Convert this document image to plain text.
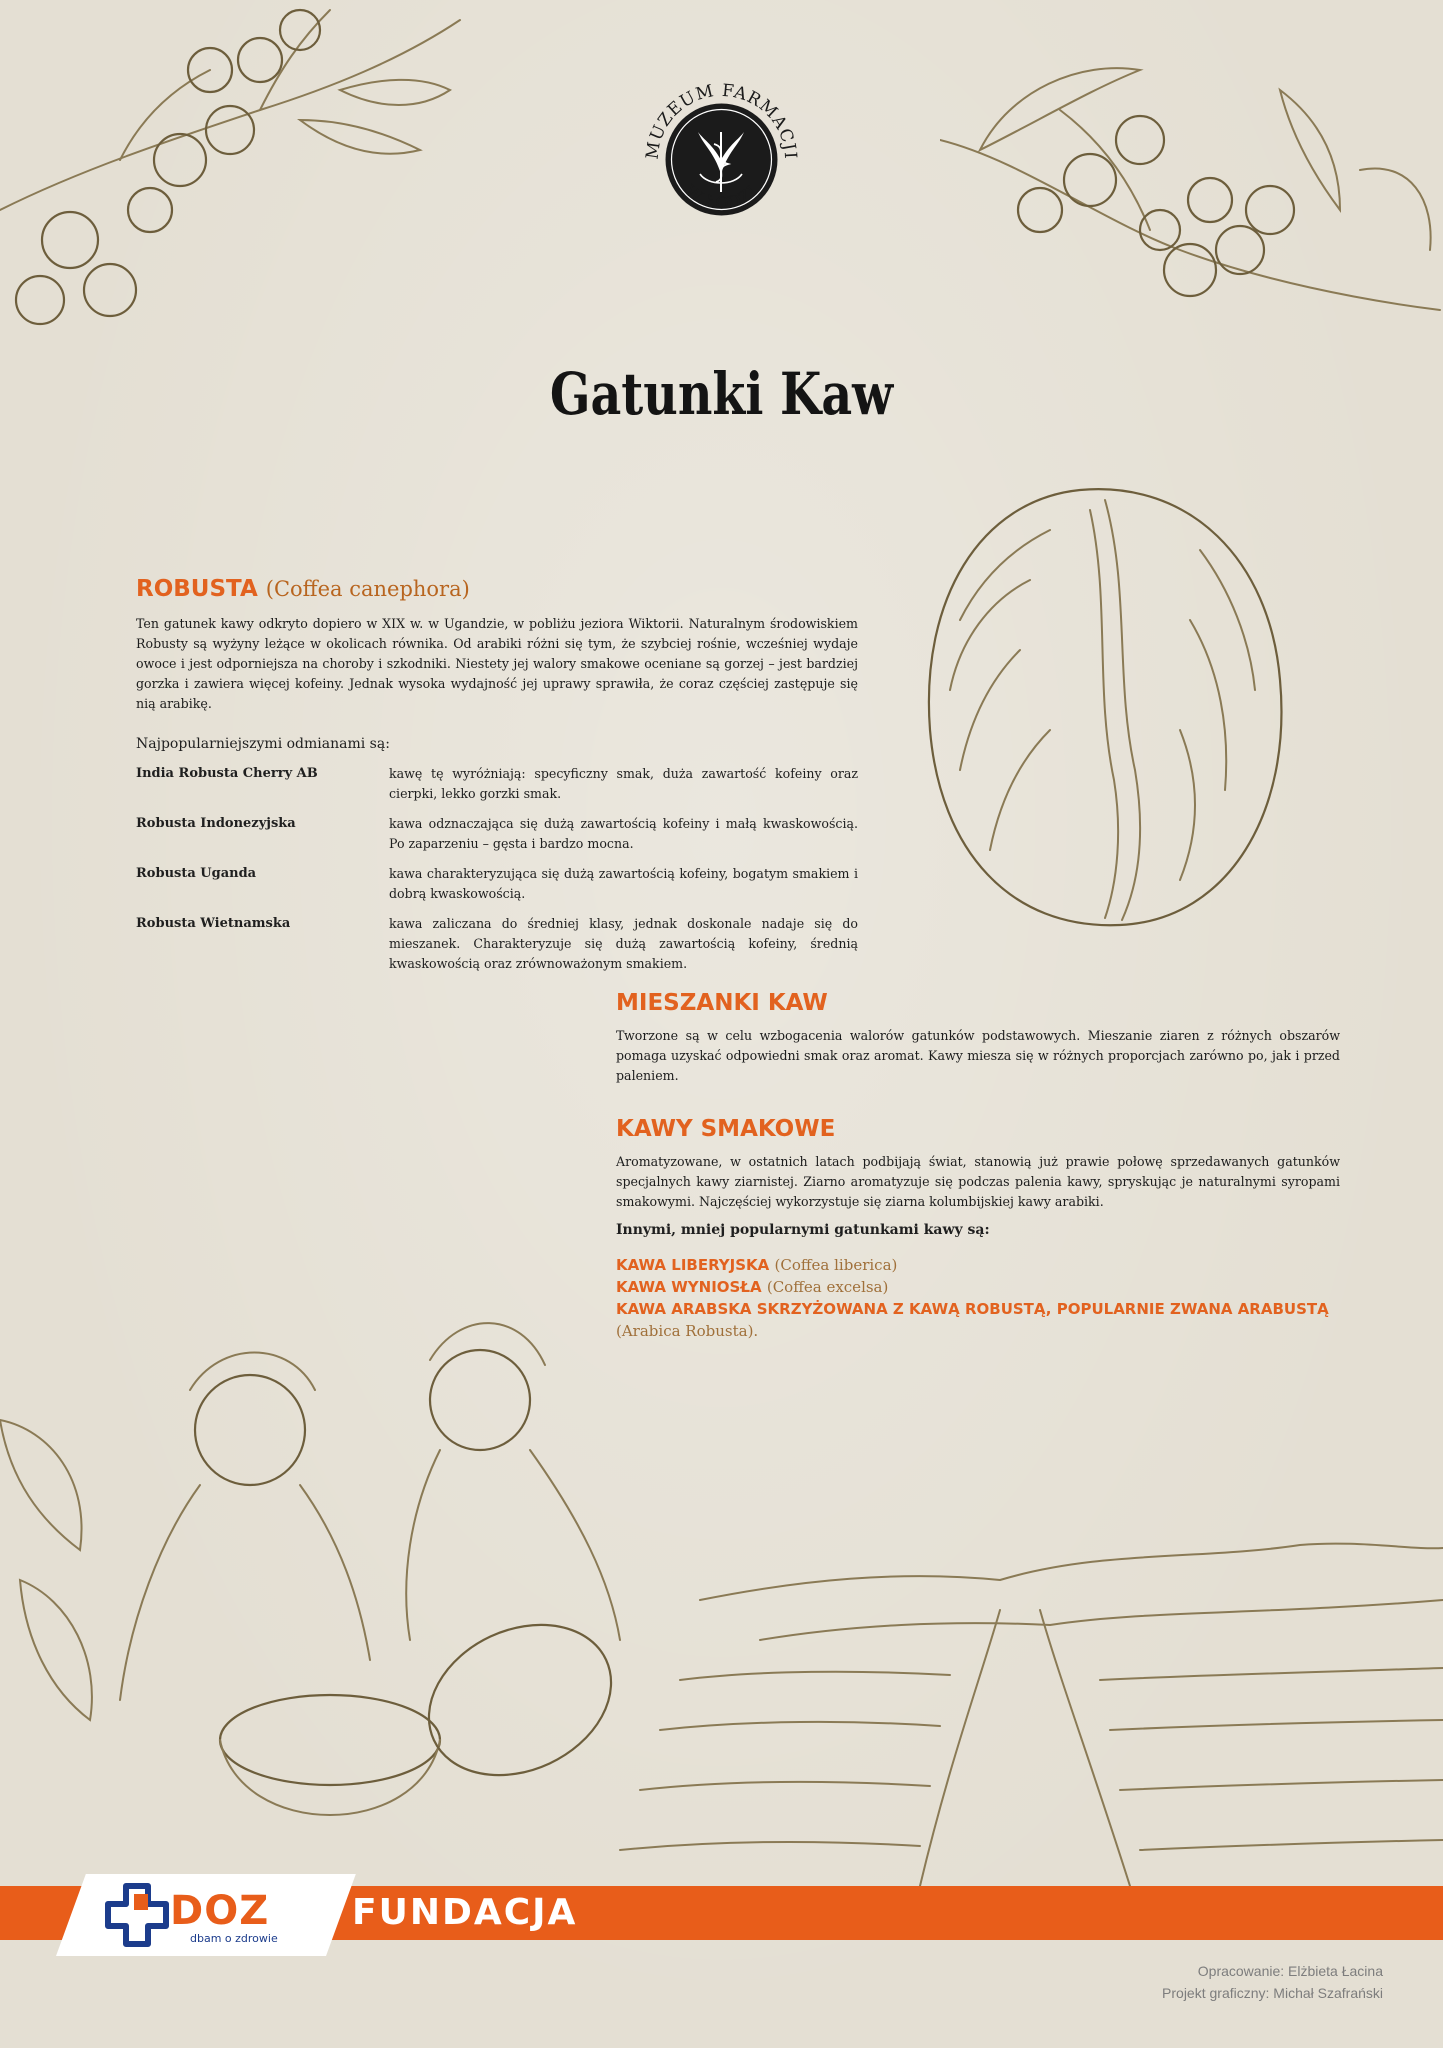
MUZEUM FARMACJI
W ŁODZI
Gatunki Kaw
ROBUSTA (Coffea canephora)
Ten gatunek kawy odkryto dopiero w XIX w. w Ugandzie, w pobliżu jeziora Wiktorii. Naturalnym środowiskiem Robusty są wyżyny leżące w okolicach równika. Od arabiki różni się tym, że szybciej rośnie, wcześniej wydaje owoce i jest odporniejsza na choroby i szkodniki. Niestety jej walory smakowe oceniane są gorzej – jest bardziej gorzka i zawiera więcej kofeiny. Jednak wysoka wydajność jej uprawy sprawiła, że coraz częściej zastępuje się nią arabikę.
Najpopularniejszymi odmianami są:
India Robusta Cherry AB	kawę tę wyróżniają: specyficzny smak, duża zawartość kofeiny oraz cierpki, lekko gorzki smak.
Robusta Indonezyjska	kawa odznaczająca się dużą zawartością kofeiny i małą kwaskowością. Po zaparzeniu – gęsta i bardzo mocna.
Robusta Uganda	kawa charakteryzująca się dużą zawartością kofeiny, bogatym smakiem i dobrą kwaskowością.
Robusta Wietnamska	kawa zaliczana do średniej klasy, jednak doskonale nadaje się do mieszanek. Charakteryzuje się dużą zawartością kofeiny, średnią kwaskowością oraz zrównoważonym smakiem.
MIESZANKI KAW
Tworzone są w celu wzbogacenia walorów gatunków podstawowych. Mieszanie ziaren z różnych obszarów pomaga uzyskać odpowiedni smak oraz aromat. Kawy miesza się w różnych proporcjach zarówno po, jak i przed paleniem.
KAWY SMAKOWE
Aromatyzowane, w ostatnich latach podbijają świat, stanowią już prawie połowę sprzedawanych gatunków specjalnych kawy ziarnistej. Ziarno aromatyzuje się podczas palenia kawy, spryskując je naturalnymi syropami smakowymi. Najczęściej wykorzystuje się ziarna kolumbijskiej kawy arabiki.
Innymi, mniej popularnymi gatunkami kawy są:
KAWA LIBERYJSKA (Coffea liberica)
KAWA WYNIOSŁA (Coffea excelsa)
KAWA ARABSKA SKRZYŻOWANA Z KAWĄ ROBUSTĄ, POPULARNIE ZWANA ARABUSTĄ
(Arabica Robusta).
DOZ
dbam o zdrowie
FUNDACJA
Opracowanie: Elżbieta Łacina
Projekt graficzny: Michał Szafrański
